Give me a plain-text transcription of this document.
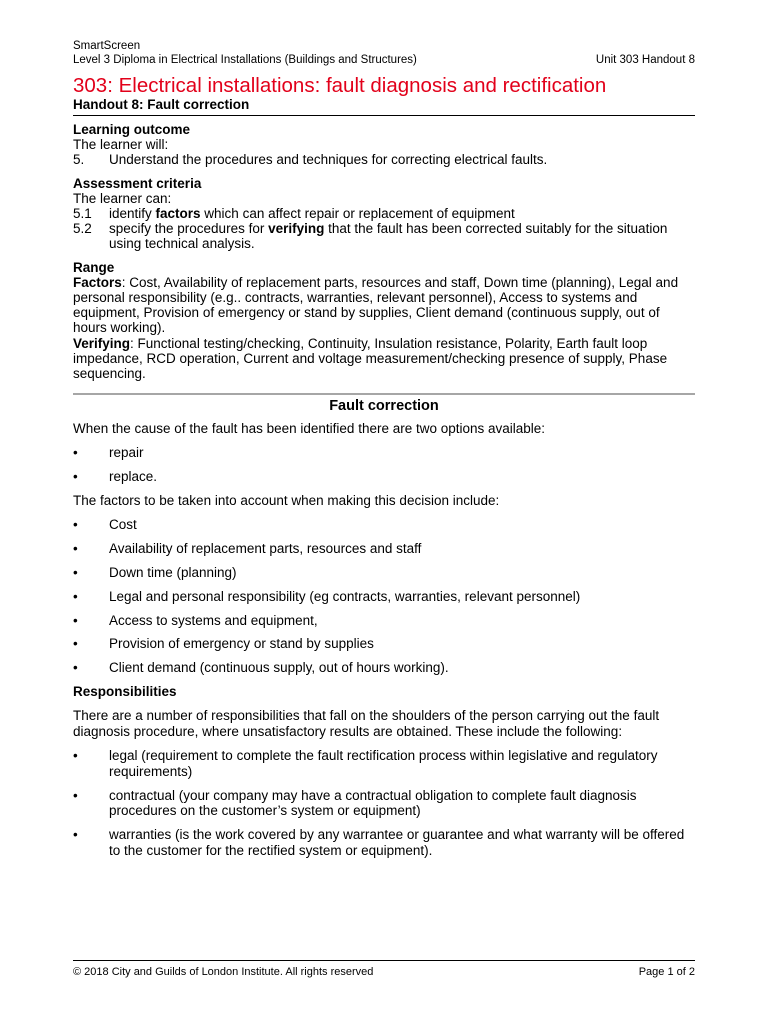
SmartScreen
Level 3 Diploma in Electrical Installations (Buildings and Structures)	Unit 303 Handout 8
303: Electrical installations: fault diagnosis and rectification
Handout 8: Fault correction
Learning outcome
The learner will:
5.	Understand the procedures and techniques for correcting electrical faults.
Assessment criteria
The learner can:
5.1	identify factors which can affect repair or replacement of equipment
5.2	specify the procedures for verifying that the fault has been corrected suitably for the situation using technical analysis.
Range
Factors: Cost, Availability of replacement parts, resources and staff, Down time (planning), Legal and personal responsibility (e.g.. contracts, warranties, relevant personnel), Access to systems and equipment, Provision of emergency or stand by supplies, Client demand (continuous supply, out of hours working).
Verifying: Functional testing/checking, Continuity, Insulation resistance, Polarity, Earth fault loop impedance, RCD operation, Current and voltage measurement/checking presence of supply, Phase sequencing.
Fault correction

When the cause of the fault has been identified there are two options available:

•	repair
•	replace.

The factors to be taken into account when making this decision include:

•	Cost
•	Availability of replacement parts, resources and staff
•	Down time (planning)
•	Legal and personal responsibility (eg contracts, warranties, relevant personnel)
•	Access to systems and equipment,
•	Provision of emergency or stand by supplies
•	Client demand (continuous supply, out of hours working).
Responsibilities

There are a number of responsibilities that fall on the shoulders of the person carrying out the fault diagnosis procedure, where unsatisfactory results are obtained. These include the following:

•	legal (requirement to complete the fault rectification process within legislative and regulatory requirements)
•	contractual (your company may have a contractual obligation to complete fault diagnosis procedures on the customer’s system or equipment)
•	warranties (is the work covered by any warrantee or guarantee and what warranty will be offered to the customer for the rectified system or equipment).
© 2018 City and Guilds of London Institute. All rights reserved	Page 1 of 2
